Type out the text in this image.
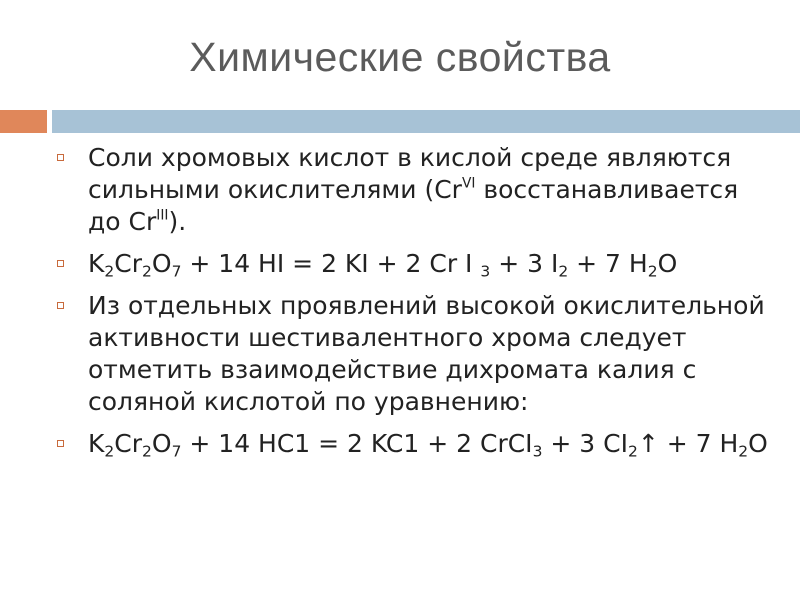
Химические свойства
Соли хромовых кислот в кислой среде являются сильными окислителями ($Cr^{VI}$ восстанавливается до $Cr^{III}$).
$K_2Cr_2O_7 + 14$ HI = 2 KI + 2 Cr I $_3$ + 3 $I_2 + 7$ $H_2O$
Из отдельных проявлений высокой окислительной активности шестивалентного хрома следует отметить взаимодействие дихромата калия с соляной кислотой по уравнению:
$K_2Cr_2O_7 + 14$ HC1 = 2 KC1 + 2 CrCI$_3$ + 3 $CI_2↑ + 7$ $H_2O$
